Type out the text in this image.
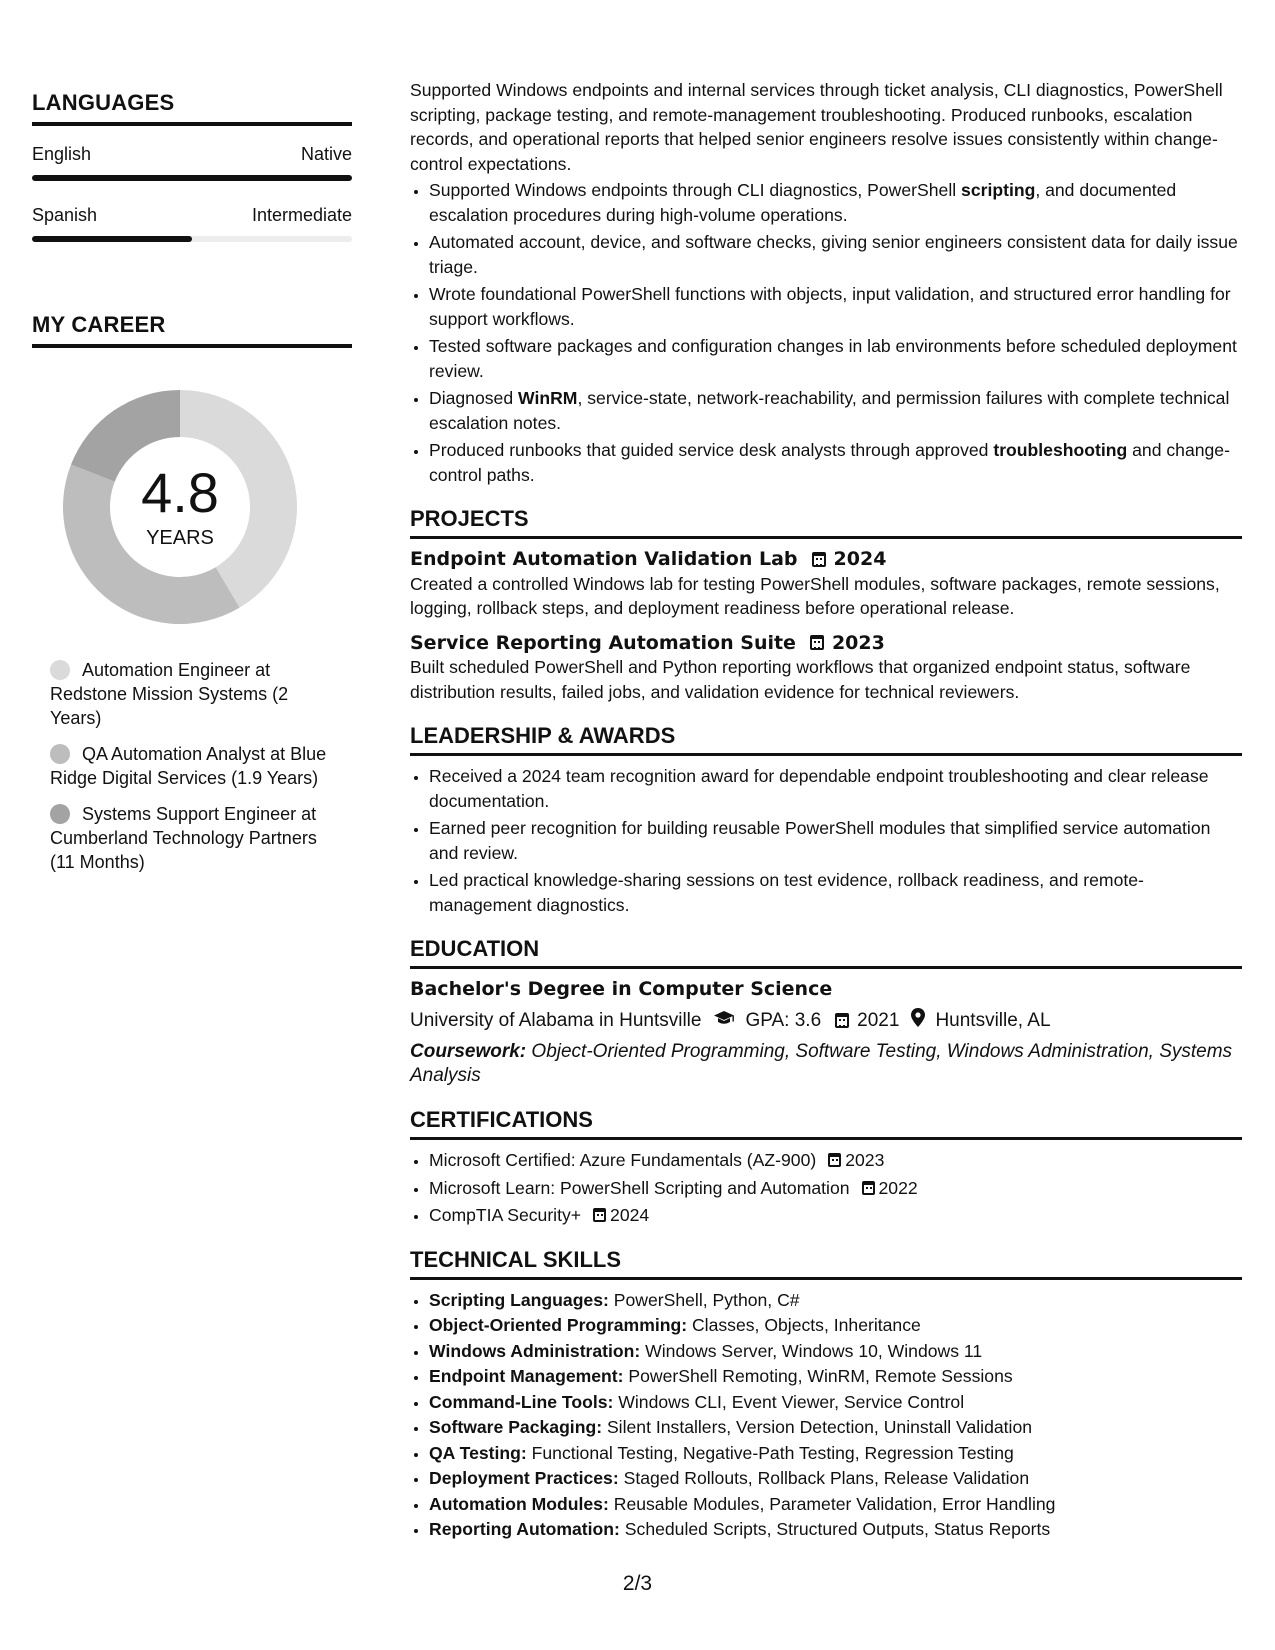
LANGUAGES
English	Native
Spanish	Intermediate
MY CAREER
4.8
YEARS
Automation Engineer at Redstone Mission Systems (2 Years)
QA Automation Analyst at Blue Ridge Digital Services (1.9 Years)
Systems Support Engineer at Cumberland Technology Partners (11 Months)

Supported Windows endpoints and internal services through ticket analysis, CLI diagnostics, PowerShell scripting, package testing, and remote-management troubleshooting. Produced runbooks, escalation records, and operational reports that helped senior engineers resolve issues consistently within change-control expectations.

• Supported Windows endpoints through CLI diagnostics, PowerShell scripting, and documented escalation procedures during high-volume operations.
• Automated account, device, and software checks, giving senior engineers consistent data for daily issue triage.
• Wrote foundational PowerShell functions with objects, input validation, and structured error handling for support workflows.
• Tested software packages and configuration changes in lab environments before scheduled deployment review.
• Diagnosed WinRM, service-state, network-reachability, and permission failures with complete technical escalation notes.
• Produced runbooks that guided service desk analysts through approved troubleshooting and change-control paths.
PROJECTS
Endpoint Automation Validation Lab 2024

Created a controlled Windows lab for testing PowerShell modules, software packages, remote sessions, logging, rollback steps, and deployment readiness before operational release.

Service Reporting Automation Suite 2023

Built scheduled PowerShell and Python reporting workflows that organized endpoint status, software distribution results, failed jobs, and validation evidence for technical reviewers.

LEADERSHIP & AWARDS
• Received a 2024 team recognition award for dependable endpoint troubleshooting and clear release documentation.
• Earned peer recognition for building reusable PowerShell modules that simplified service automation and review.
• Led practical knowledge-sharing sessions on test evidence, rollback readiness, and remote-management diagnostics.
EDUCATION
Bachelor's Degree in Computer Science
University of Alabama in Huntsville GPA: 3.6 2021 Huntsville, AL
Coursework: Object-Oriented Programming, Software Testing, Windows Administration, Systems Analysis
CERTIFICATIONS
• Microsoft Certified: Azure Fundamentals (AZ-900) 2023
• Microsoft Learn: PowerShell Scripting and Automation 2022
• CompTIA Security+ 2024
TECHNICAL SKILLS
• Scripting Languages: PowerShell, Python, C#
• Object-Oriented Programming: Classes, Objects, Inheritance
• Windows Administration: Windows Server, Windows 10, Windows 11
• Endpoint Management: PowerShell Remoting, WinRM, Remote Sessions
• Command-Line Tools: Windows CLI, Event Viewer, Service Control
• Software Packaging: Silent Installers, Version Detection, Uninstall Validation
• QA Testing: Functional Testing, Negative-Path Testing, Regression Testing
• Deployment Practices: Staged Rollouts, Rollback Plans, Release Validation
• Automation Modules: Reusable Modules, Parameter Validation, Error Handling
• Reporting Automation: Scheduled Scripts, Structured Outputs, Status Reports
2/3
